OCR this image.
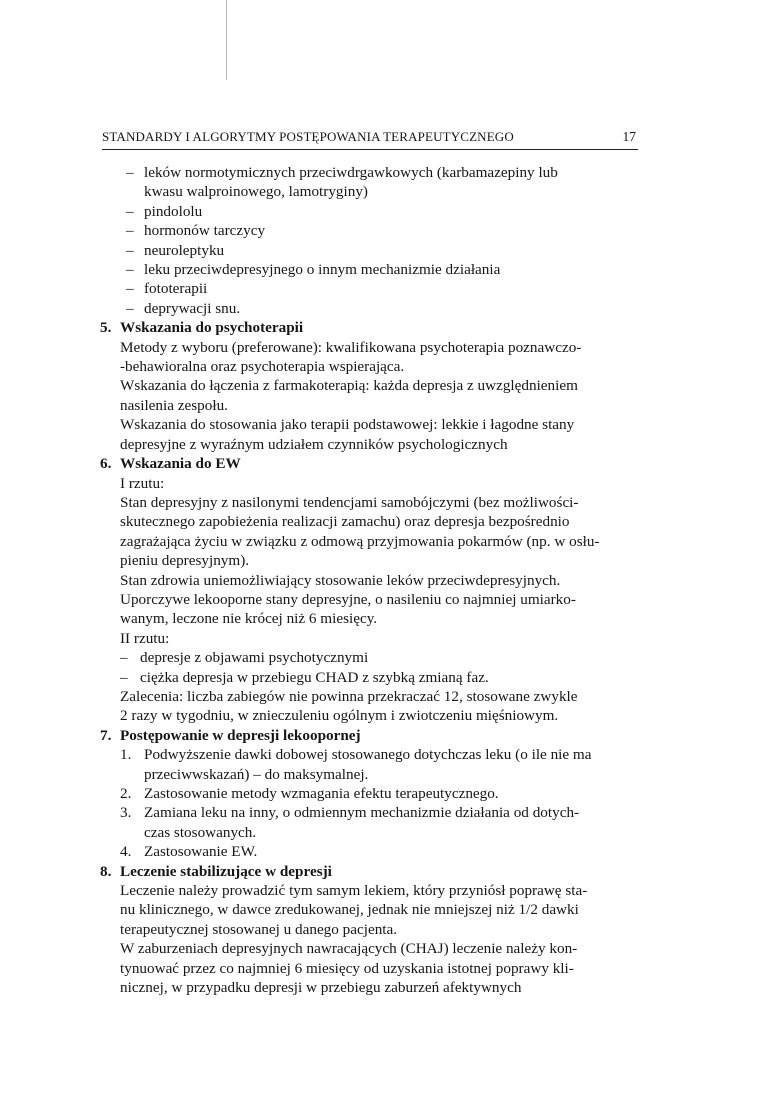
STANDARDY I ALGORYTMY POSTĘPOWANIA TERAPEUTYCZNEGO	17
– leków normotymicznych przeciwdrgawkowych (karbamazepiny lub
kwasu walproinowego, lamotryginy)
– pindololu
– hormonów tarczycy
– neuroleptyku
– leku przeciwdepresyjnego o innym mechanizmie działania
– fototerapii
– deprywacji snu.
5. Wskazania do psychoterapii
Metody z wyboru (preferowane): kwalifikowana psychoterapia poznawczo-
-behawioralna oraz psychoterapia wspierająca.
Wskazania do łączenia z farmakoterapią: każda depresja z uwzględnieniem
nasilenia zespołu.
Wskazania do stosowania jako terapii podstawowej: lekkie i łagodne stany
depresyjne z wyraźnym udziałem czynników psychologicznych
6. Wskazania do EW
I rzutu:
Stan depresyjny z nasilonymi tendencjami samobójczymi (bez możliwości-
skutecznego zapobieżenia realizacji zamachu) oraz depresja bezpośrednio
zagrażająca życiu w związku z odmową przyjmowania pokarmów (np. w osłu-
pieniu depresyjnym).
Stan zdrowia uniemożliwiający stosowanie leków przeciwdepresyjnych.
Uporczywe lekooporne stany depresyjne, o nasileniu co najmniej umiarko-
wanym, leczone nie krócej niż 6 miesięcy.
II rzutu:
– depresje z objawami psychotycznymi
– ciężka depresja w przebiegu CHAD z szybką zmianą faz.
Zalecenia: liczba zabiegów nie powinna przekraczać 12, stosowane zwykle
2 razy w tygodniu, w znieczuleniu ogólnym i zwiotczeniu mięśniowym.
7. Postępowanie w depresji lekoopornej
1. Podwyższenie dawki dobowej stosowanego dotychczas leku (o ile nie ma
przeciwwskazań) – do maksymalnej.
2. Zastosowanie metody wzmagania efektu terapeutycznego.
3. Zamiana leku na inny, o odmiennym mechanizmie działania od dotych-
czas stosowanych.
4. Zastosowanie EW.
8. Leczenie stabilizujące w depresji
Leczenie należy prowadzić tym samym lekiem, który przyniósł poprawę sta-
nu klinicznego, w dawce zredukowanej, jednak nie mniejszej niż 1/2 dawki
terapeutycznej stosowanej u danego pacjenta.
W zaburzeniach depresyjnych nawracających (CHAJ) leczenie należy kon-
tynuować przez co najmniej 6 miesięcy od uzyskania istotnej poprawy kli-
nicznej, w przypadku depresji w przebiegu zaburzeń afektywnych
